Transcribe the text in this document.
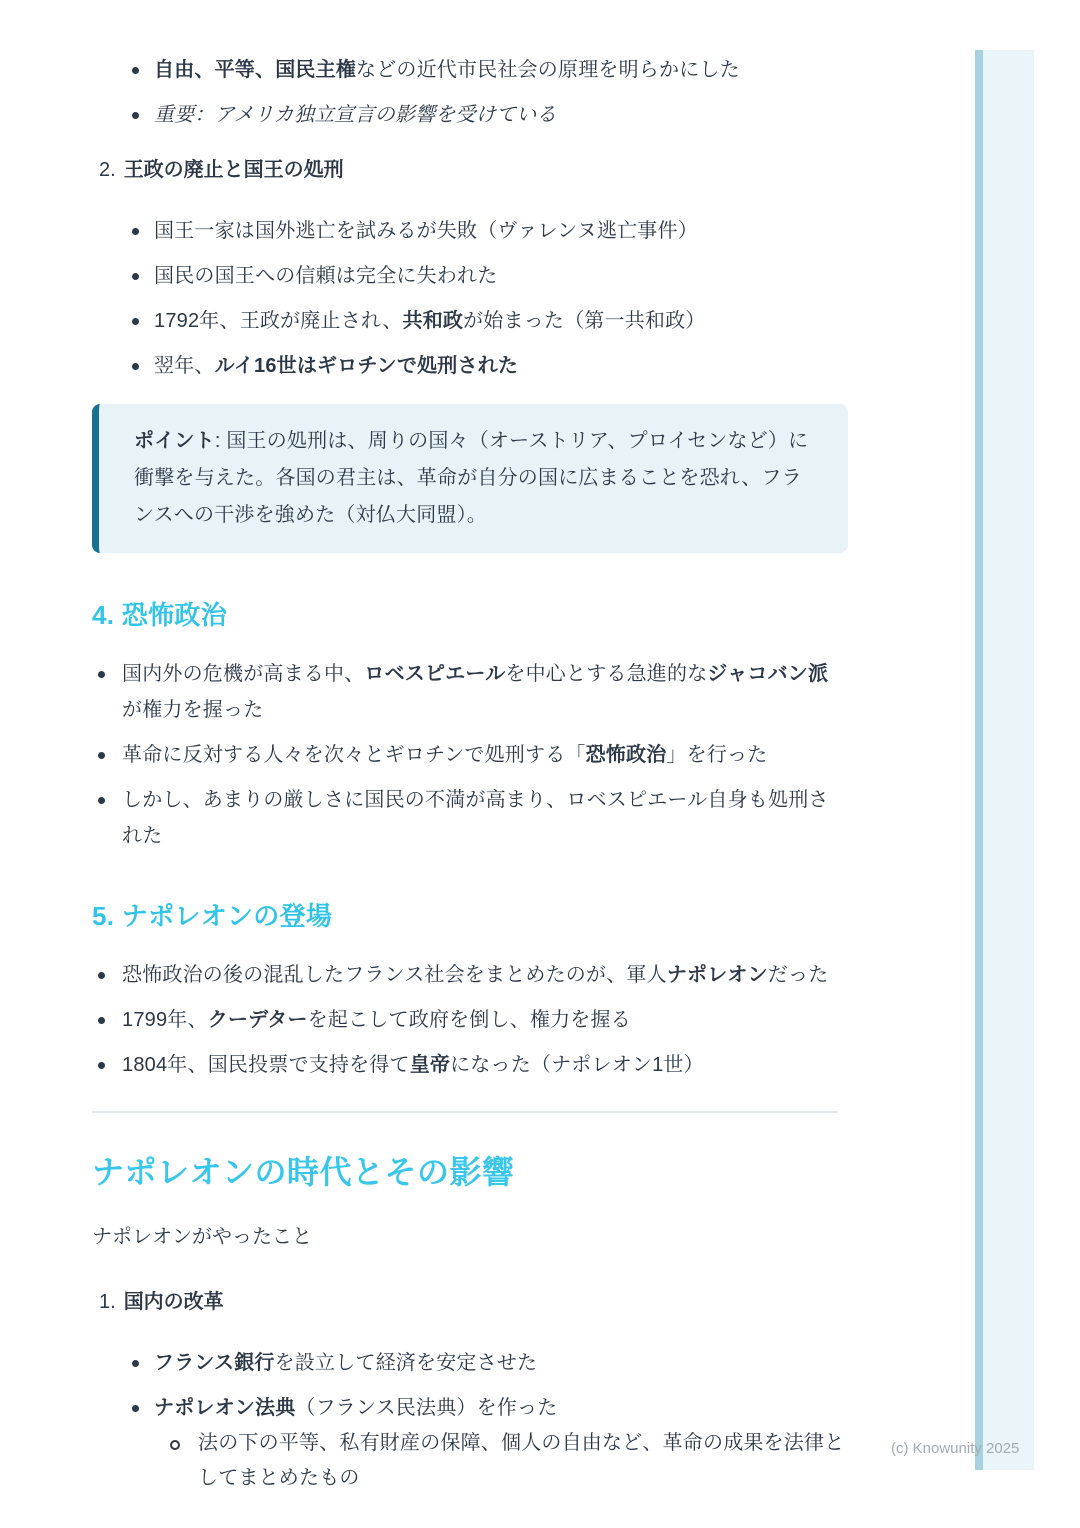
自由、平等、国民主権などの近代市民社会の原理を明らかにした
重要：アメリカ独立宣言の影響を受けている
2. 王政の廃止と国王の処刑
国王一家は国外逃亡を試みるが失敗（ヴァレンヌ逃亡事件）
国民の国王への信頼は完全に失われた
1792年、王政が廃止され、共和政が始まった（第一共和政）
翌年、ルイ16世はギロチンで処刑された

ポイント: 国王の処刑は、周りの国々（オーストリア、プロイセンなど）に衝撃を与えた。各国の君主は、革命が自分の国に広まることを恐れ、フランスへの干渉を強めた（対仏大同盟）。

4. 恐怖政治
国内外の危機が高まる中、ロベスピエールを中心とする急進的なジャコバン派が権力を握った
革命に反対する人々を次々とギロチンで処刑する「恐怖政治」を行った
しかし、あまりの厳しさに国民の不満が高まり、ロベスピエール自身も処刑された
5. ナポレオンの登場
恐怖政治の後の混乱したフランス社会をまとめたのが、軍人ナポレオンだった
1799年、クーデターを起こして政府を倒し、権力を握る
1804年、国民投票で支持を得て皇帝になった（ナポレオン1世）
ナポレオンの時代とその影響

ナポレオンがやったこと

1. 国内の改革
フランス銀行を設立して経済を安定させた
ナポレオン法典（フランス民法典）を作った
法の下の平等、私有財産の保障、個人の自由など、革命の成果を法律としてまとめたもの
(c) Knowunity 2025
